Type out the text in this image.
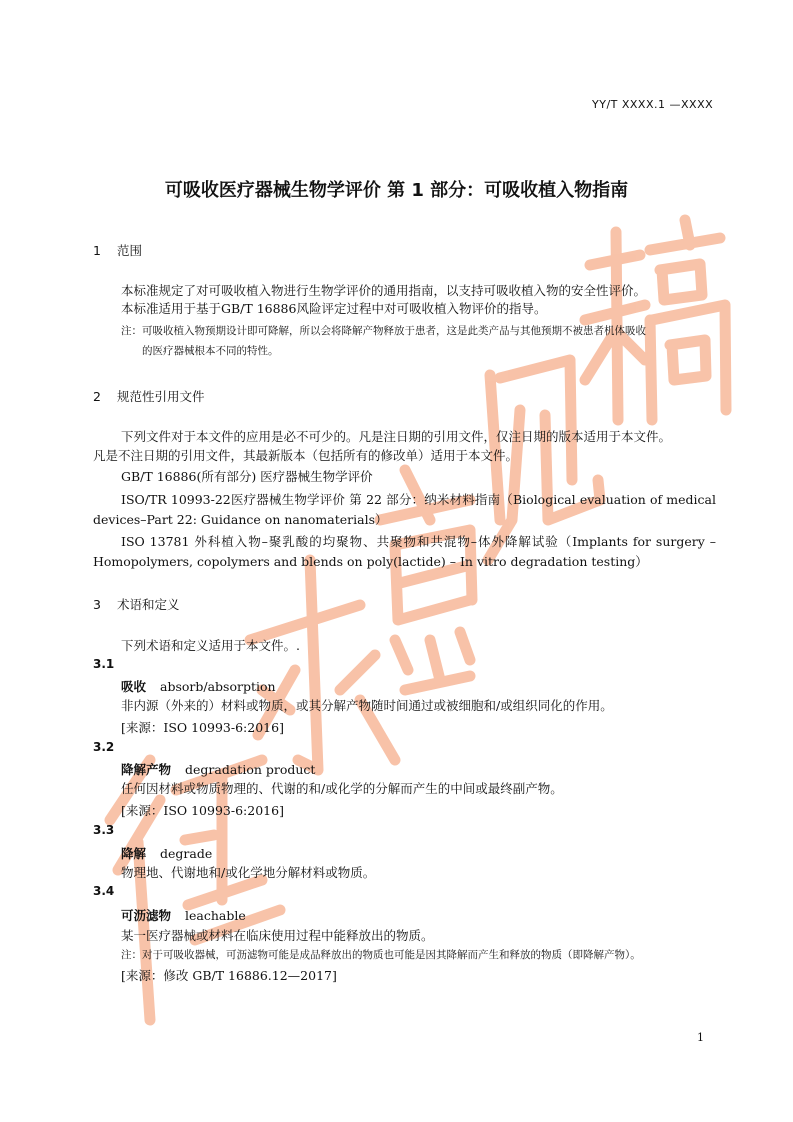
YY/T XXXX.1 —XXXX
可吸收医疗器械生物学评价 第 1 部分：可吸收植入物指南
1 范围
本标准规定了对可吸收植入物进行生物学评价的通用指南，以支持可吸收植入物的安全性评价。
本标准适用于基于GB/T 16886风险评定过程中对可吸收植入物评价的指导。
注：可吸收植入物预期设计即可降解，所以会将降解产物释放于患者，这是此类产品与其他预期不被患者机体吸收
的医疗器械根本不同的特性。
2 规范性引用文件
下列文件对于本文件的应用是必不可少的。凡是注日期的引用文件，仅注日期的版本适用于本文件。
凡是不注日期的引用文件，其最新版本（包括所有的修改单）适用于本文件。
GB/T 16886(所有部分) 医疗器械生物学评价
ISO/TR 10993-22医疗器械生物学评价 第 22 部分：纳米材料指南（Biological evaluation of medical
devices–Part 22: Guidance on nanomaterials）
ISO 13781 外科植入物–聚乳酸的均聚物、共聚物和共混物–体外降解试验（Implants for surgery –
Homopolymers, copolymers and blends on poly(lactide) – In vitro degradation testing）
3 术语和定义
下列术语和定义适用于本文件。.
3.1
吸收 absorb/absorption
非内源（外来的）材料或物质，或其分解产物随时间通过或被细胞和/或组织同化的作用。
[来源：ISO 10993-6:2016]
3.2
降解产物 degradation product
任何因材料或物质物理的、代谢的和/或化学的分解而产生的中间或最终副产物。
[来源：ISO 10993-6:2016]
3.3
降解 degrade
物理地、代谢地和/或化学地分解材料或物质。
3.4
可沥滤物 leachable
某一医疗器械或材料在临床使用过程中能释放出的物质。
注：对于可吸收器械，可沥滤物可能是成品释放出的物质也可能是因其降解而产生和释放的物质（即降解产物）。
[来源：修改 GB/T 16886.12—2017]
1
